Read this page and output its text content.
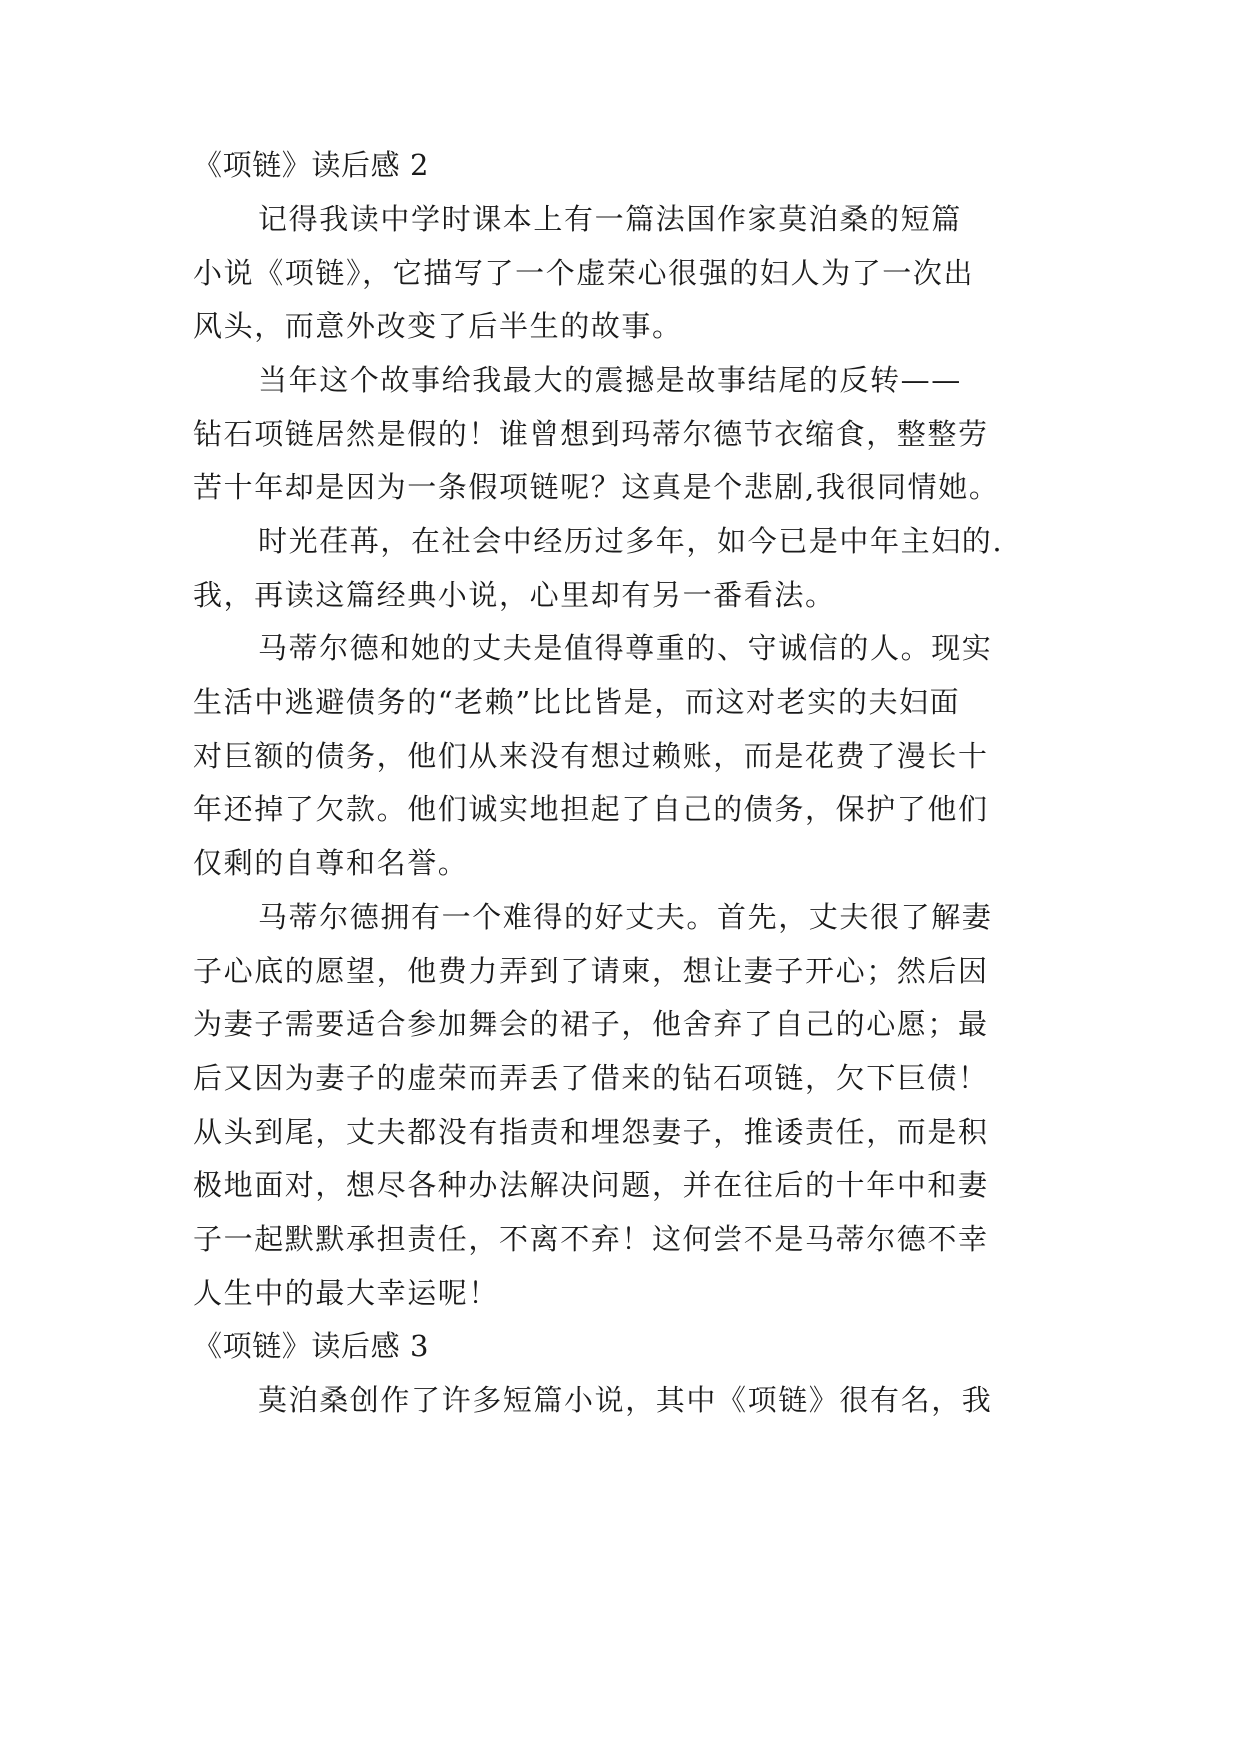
《项链》读后感 2

记得我读中学时课本上有一篇法国作家莫泊桑的短篇

小说《项链》，它描写了一个虚荣心很强的妇人为了一次出

风头，而意外改变了后半生的故事。

当年这个故事给我最大的震撼是故事结尾的反转——

钻石项链居然是假的！谁曾想到玛蒂尔德节衣缩食，整整劳

苦十年却是因为一条假项链呢？这真是个悲剧,我很同情她。

时光荏苒，在社会中经历过多年，如今已是中年主妇的.

我，再读这篇经典小说，心里却有另一番看法。

马蒂尔德和她的丈夫是值得尊重的、守诚信的人。现实

生活中逃避债务的“老赖”比比皆是，而这对老实的夫妇面

对巨额的债务，他们从来没有想过赖账，而是花费了漫长十

年还掉了欠款。他们诚实地担起了自己的债务，保护了他们

仅剩的自尊和名誉。

马蒂尔德拥有一个难得的好丈夫。首先，丈夫很了解妻

子心底的愿望，他费力弄到了请柬，想让妻子开心；然后因

为妻子需要适合参加舞会的裙子，他舍弃了自己的心愿；最

后又因为妻子的虚荣而弄丢了借来的钻石项链，欠下巨债！

从头到尾，丈夫都没有指责和埋怨妻子，推诿责任，而是积

极地面对，想尽各种办法解决问题，并在往后的十年中和妻

子一起默默承担责任，不离不弃！这何尝不是马蒂尔德不幸

人生中的最大幸运呢！

《项链》读后感 3

莫泊桑创作了许多短篇小说，其中《项链》很有名，我
